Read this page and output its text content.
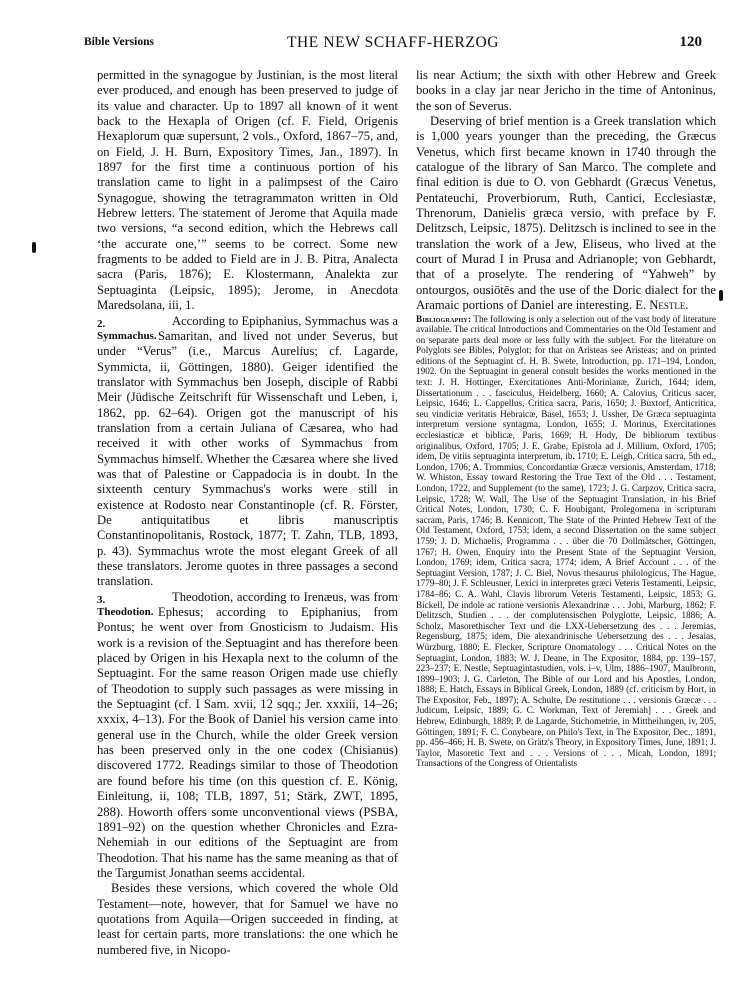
Bible Versions	THE NEW SCHAFF-HERZOG	120

permitted in the synagogue by Justinian, is the most literal ever produced, and enough has been preserved to judge of its value and character. Up to 1897 all known of it went back to the Hexapla of Origen (cf. F. Field, Origenis Hexaplorum quæ supersunt, 2 vols., Oxford, 1867–75, and, on Field, J. H. Burn, Expository Times, Jan., 1897). In 1897 for the first time a continuous portion of his translation came to light in a palimpsest of the Cairo Synagogue, showing the tetragrammaton written in Old Hebrew letters. The statement of Jerome that Aquila made two versions, “a second edition, which the Hebrews call ‘the accurate one,’” seems to be correct. Some new fragments to be added to Field are in J. B. Pitra, Analecta sacra (Paris, 1876); E. Klostermann, Analekta zur Septuaginta (Leipsic, 1895); Jerome, in Anecdota Maredsolana, iii, 1.

2. Symmachus.
According to Epiphanius, Symmachus was a Samaritan, and lived not under Severus, but under “Verus” (i.e., Marcus Aurelius; cf. Lagarde, Symmicta, ii, Göttingen, 1880). Geiger identified the translator with Symmachus ben Joseph, disciple of Rabbi Meir (Jüdische Zeitschrift für Wissenschaft und Leben, i, 1862, pp. 62–64). Origen got the manuscript of his translation from a certain Juliana of Cæsarea, who had received it with other works of Symmachus from Symmachus himself. Whether the Cæsarea where she lived was that of Palestine or Cappadocia is in doubt. In the sixteenth century Symmachus's works were still in existence at Rodosto near Constantinople (cf. R. Förster, De antiquitatibus et libris manuscriptis Constantinopolitanis, Rostock, 1877; T. Zahn, TLB, 1893, p. 43). Symmachus wrote the most elegant Greek of all these translators. Jerome quotes in three passages a second translation.

3. Theodotion.
Theodotion, according to Irenæus, was from Ephesus; according to Epiphanius, from Pontus; he went over from Gnosticism to Judaism. His work is a revision of the Septuagint and has therefore been placed by Origen in his Hexapla next to the column of the Septuagint. For the same reason Origen made use chiefly of Theodotion to supply such passages as were missing in the Septuagint (cf. I Sam. xvii, 12 sqq.; Jer. xxxiii, 14–26; xxxix, 4–13). For the Book of Daniel his version came into general use in the Church, while the older Greek version has been preserved only in the one codex (Chisianus) discovered 1772. Readings similar to those of Theodotion are found before his time (on this question cf. E. König, Einleitung, ii, 108; TLB, 1897, 51; Stärk, ZWT, 1895, 288). Howorth offers some unconventional views (PSBA, 1891–92) on the question whether Chronicles and Ezra-Nehemiah in our editions of the Septuagint are from Theodotion. That his name has the same meaning as that of the Targumist Jonathan seems accidental.

Besides these versions, which covered the whole Old Testament—note, however, that for Samuel we have no quotations from Aquila—Origen succeeded in finding, at least for certain parts, more translations: the one which he numbered five, in Nicopo-

lis near Actium; the sixth with other Hebrew and Greek books in a clay jar near Jericho in the time of Antoninus, the son of Severus.

Deserving of brief mention is a Greek translation which is 1,000 years younger than the preceding, the Græcus Venetus, which first became known in 1740 through the catalogue of the library of San Marco. The complete and final edition is due to O. von Gebhardt (Græcus Venetus, Pentateuchi, Proverbiorum, Ruth, Cantici, Ecclesiastæ, Threnorum, Danielis græca versio, with preface by F. Delitzsch, Leipsic, 1875). Delitzsch is inclined to see in the translation the work of a Jew, Eliseus, who lived at the court of Murad I in Prusa and Adrianople; von Gebhardt, that of a proselyte. The rendering of “Yahweh” by ontourgos, ousiōtēs and the use of the Doric dialect for the Aramaic portions of Daniel are interesting. E. Nestle.

Bibliography: The following is only a selection out of the vast body of literature available. The critical Introductions and Commentaries on the Old Testament and on separate parts deal more or less fully with the subject. For the literature on Polyglots see Bibles, Polyglot; for that on Aristeas see Aristeas; and on printed editions of the Septuagint cf. H. B. Swete, Introduction, pp. 171–194, London, 1902. On the Septuagint in general consult besides the works mentioned in the text: J. H. Hottinger, Exercitationes Anti-Morinianæ, Zurich, 1644; idem, Dissertationum . . . fasciculus, Heidelberg, 1660; A. Calovius, Criticus sacer, Leipsic, 1646; L. Cappellus, Critica sacra, Paris, 1650; J. Buxtorf, Anticritica, seu vindiciæ veritatis Hebraicæ, Basel, 1653; J. Ussher, De Græca septuaginta interpretum versione syntagma, London, 1655; J. Morinus, Exercitationes ecclesiasticæ et biblicæ, Paris, 1669; H. Hody, De bibliorum textibus originalibus, Oxford, 1705; J. E. Grabe, Epistola ad J. Millium, Oxford, 1705; idem, De vitiis septuaginta interpretum, ib. 1710; E. Leigh, Critica sacra, 5th ed., London, 1706; A. Trommius, Concordantiæ Græcæ versionis, Amsterdam, 1718; W. Whiston, Essay toward Restoring the True Text of the Old . . . Testament, London, 1722, and Supplement (to the same), 1723; J. G. Carpzov, Critica sacra, Leipsic, 1728; W. Wall, The Use of the Septuagint Translation, in his Brief Critical Notes, London, 1730; C. F. Houbigant, Prolegomena in scripturam sacram, Paris, 1746; B. Kennicott, The State of the Printed Hebrew Text of the Old Testament, Oxford, 1753; idem, a second Dissertation on the same subject 1759; J. D. Michaelis, Programma . . . über die 70 Dollmätscher, Göttingen, 1767; H. Owen, Enquiry into the Present State of the Septuagint Version, London, 1769; idem, Critica sacra, 1774; idem, A Brief Account . . . of the Septuagint Version, 1787; J. C. Biel, Novus thesaurus philologicus, The Hague, 1779–80; J. F. Schleusner, Lexici in interpretes græci Veteris Testamenti, Leipsic, 1784–86; C. A. Wahl, Clavis librorum Veteris Testamenti, Leipsic, 1853; G. Bickell, De indole ac ratione versionis Alexandrinæ . . . Jobi, Marburg, 1862; F. Delitzsch, Studien . . . der complutensischen Polyglotte, Leipsic, 1886; A. Scholz, Masorethischer Text und die LXX-Uebersetzung des . . . Jeremias, Regensburg, 1875; idem, Die alexandrinische Uebersetzung des . . . Jesaias, Würzburg, 1880; E. Flecker, Scripture Onomatology . . . Critical Notes on the Septuagint, London, 1883; W. J. Deane, in The Expositor, 1884, pp. 139–157, 223–237; E. Nestle, Septuagintastudien, vols. i–v, Ulm, 1886–1907, Maulbronn, 1899–1903; J. G. Carleton, The Bible of our Lord and his Apostles, London, 1888; E. Hatch, Essays in Biblical Greek, London, 1889 (cf. criticism by Hort, in The Expositor, Feb., 1897); A. Schulte, De restitutione . . . versionis Græcæ . . . Judicum, Leipsic, 1889; G. C. Workman, Text of Jeremiah] . . . Greek and Hebrew, Edinburgh, 1889; P. de Lagarde, Stichometrie, in Mittheilungen, iv, 205, Göttingen, 1891; F. C. Conybeare, on Philo's Text, in The Expositor, Dec., 1891, pp. 456–466; H. B. Swete, on Grätz's Theory, in Expository Times, June, 1891; J. Taylor, Masoretic Text and . . . Versions of . . . Micah, London, 1891; Transactions of the Congress of Orientalists
